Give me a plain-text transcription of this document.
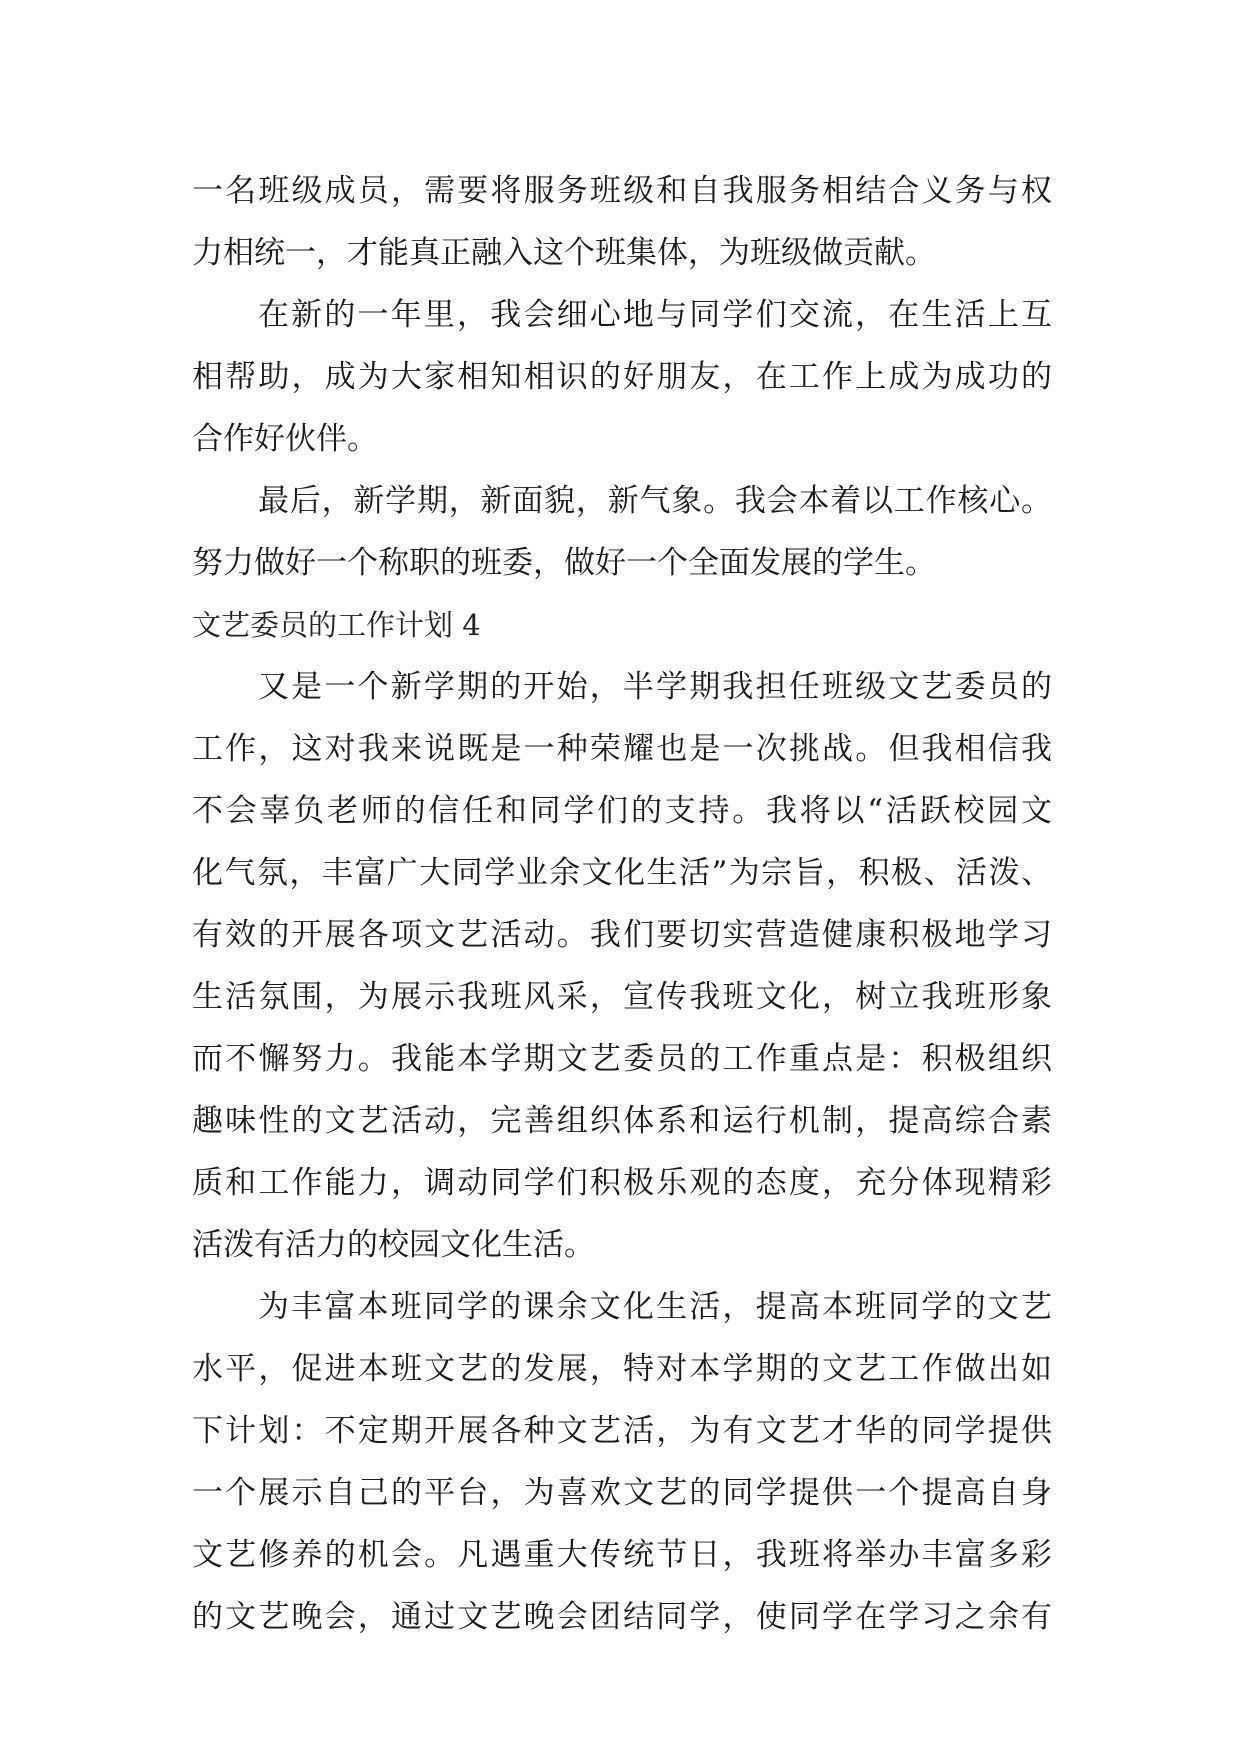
一名班级成员，需要将服务班级和自我服务相结合义务与权
力相统一，才能真正融入这个班集体，为班级做贡献。
在新的一年里，我会细心地与同学们交流，在生活上互
相帮助，成为大家相知相识的好朋友，在工作上成为成功的
合作好伙伴。
最后，新学期，新面貌，新气象。我会本着以工作核心。
努力做好一个称职的班委，做好一个全面发展的学生。
文艺委员的工作计划 4
又是一个新学期的开始，半学期我担任班级文艺委员的
工作，这对我来说既是一种荣耀也是一次挑战。但我相信我
不会辜负老师的信任和同学们的支持。我将以“活跃校园文
化气氛，丰富广大同学业余文化生活”为宗旨，积极、活泼、
有效的开展各项文艺活动。我们要切实营造健康积极地学习
生活氛围，为展示我班风采，宣传我班文化，树立我班形象
而不懈努力。我能本学期文艺委员的工作重点是：积极组织
趣味性的文艺活动，完善组织体系和运行机制，提高综合素
质和工作能力，调动同学们积极乐观的态度，充分体现精彩
活泼有活力的校园文化生活。
为丰富本班同学的课余文化生活，提高本班同学的文艺
水平，促进本班文艺的发展，特对本学期的文艺工作做出如
下计划：不定期开展各种文艺活，为有文艺才华的同学提供
一个展示自己的平台，为喜欢文艺的同学提供一个提高自身
文艺修养的机会。凡遇重大传统节日，我班将举办丰富多彩
的文艺晚会，通过文艺晚会团结同学，使同学在学习之余有
